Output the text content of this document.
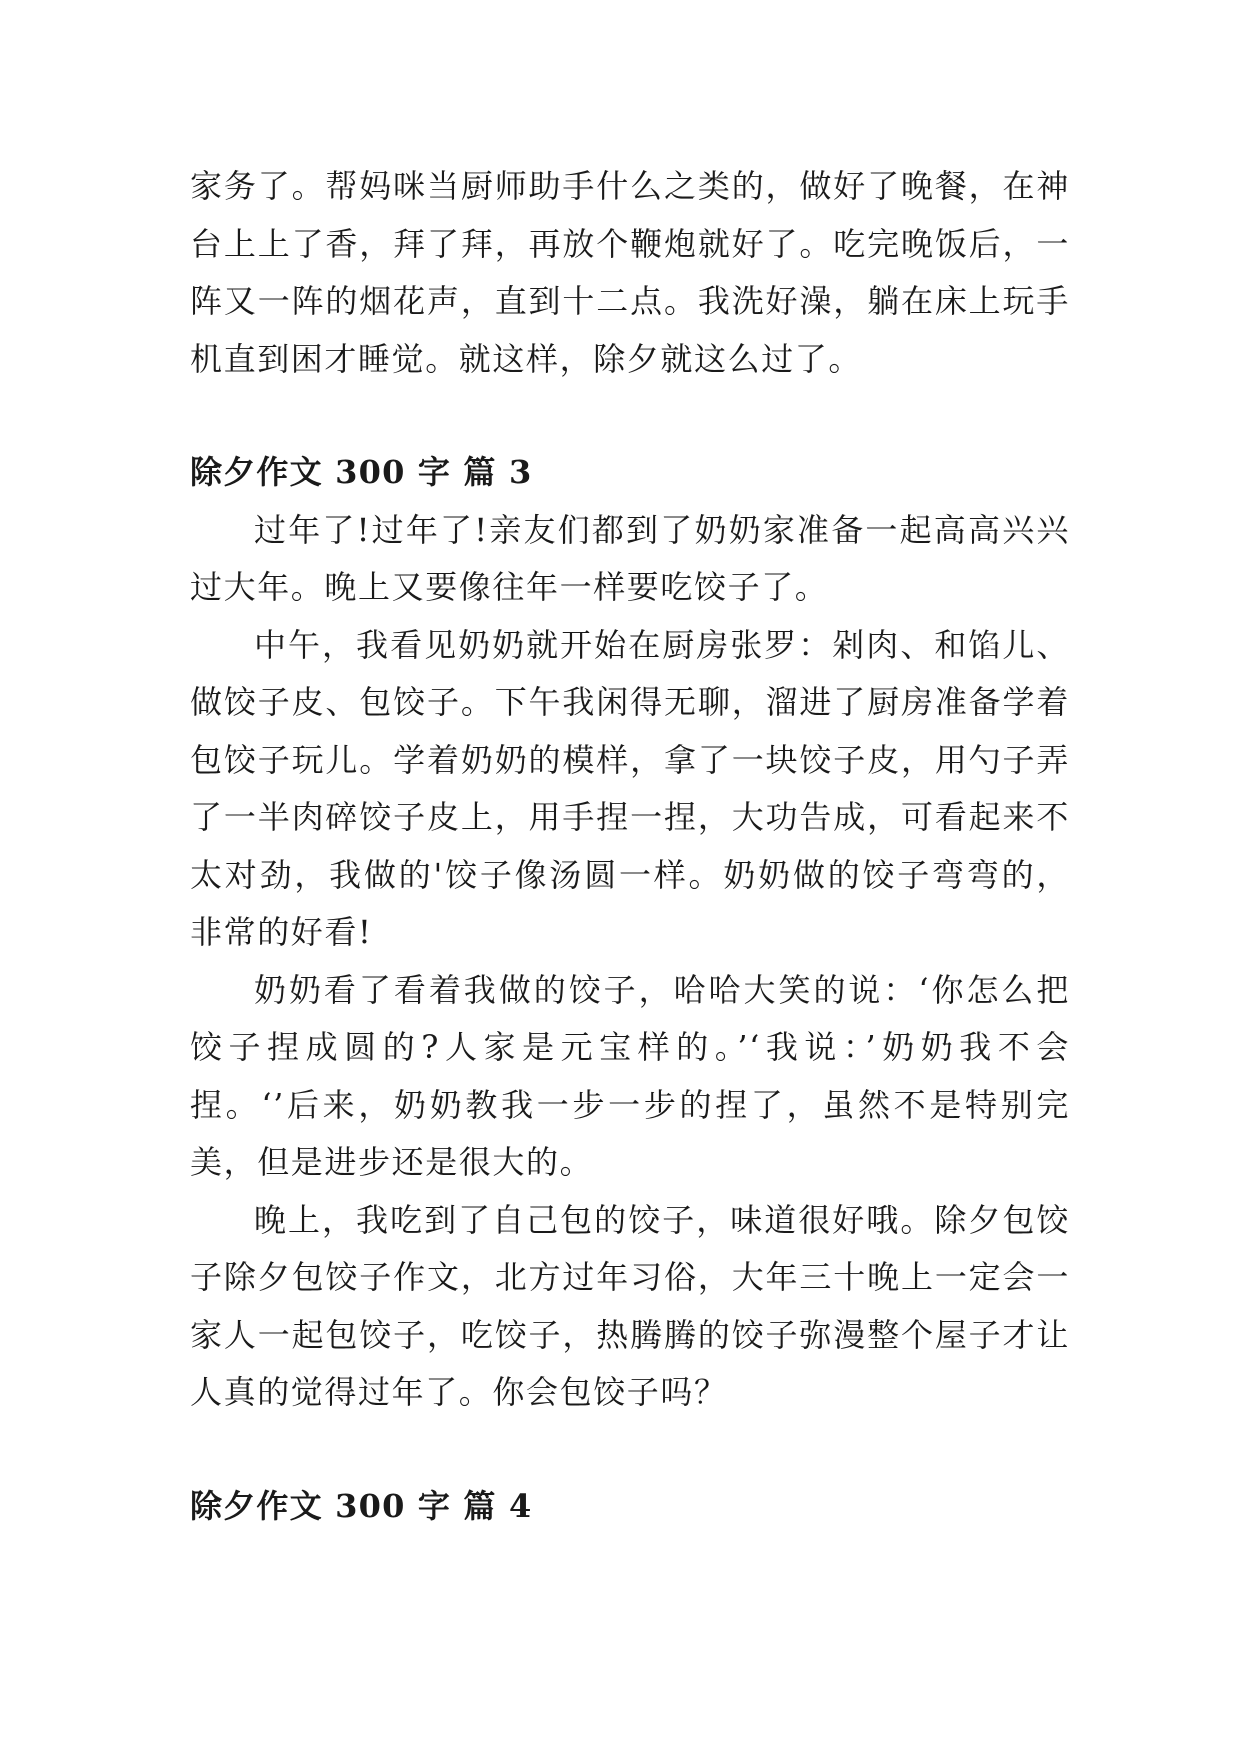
家务了。帮妈咪当厨师助手什么之类的，做好了晚餐，在神台上上了香，拜了拜，再放个鞭炮就好了。吃完晚饭后，一阵又一阵的烟花声，直到十二点。我洗好澡，躺在床上玩手机直到困才睡觉。就这样，除夕就这么过了。

除夕作文 300 字 篇 3

过年了!过年了!亲友们都到了奶奶家准备一起高高兴兴过大年。晚上又要像往年一样要吃饺子了。

中午，我看见奶奶就开始在厨房张罗：剁肉、和馅儿、做饺子皮、包饺子。下午我闲得无聊，溜进了厨房准备学着包饺子玩儿。学着奶奶的模样，拿了一块饺子皮，用勺子弄了一半肉碎饺子皮上，用手捏一捏，大功告成，可看起来不太对劲，我做的'饺子像汤圆一样。奶奶做的饺子弯弯的，非常的好看!

奶奶看了看着我做的饺子，哈哈大笑的说：‘你怎么把饺子捏成圆的?人家是元宝样的。’‘我说：’奶奶我不会捏。‘’后来，奶奶教我一步一步的捏了，虽然不是特别完美，但是进步还是很大的。

晚上，我吃到了自己包的饺子，味道很好哦。除夕包饺子除夕包饺子作文，北方过年习俗，大年三十晚上一定会一家人一起包饺子，吃饺子，热腾腾的饺子弥漫整个屋子才让人真的觉得过年了。你会包饺子吗？

除夕作文 300 字 篇 4
